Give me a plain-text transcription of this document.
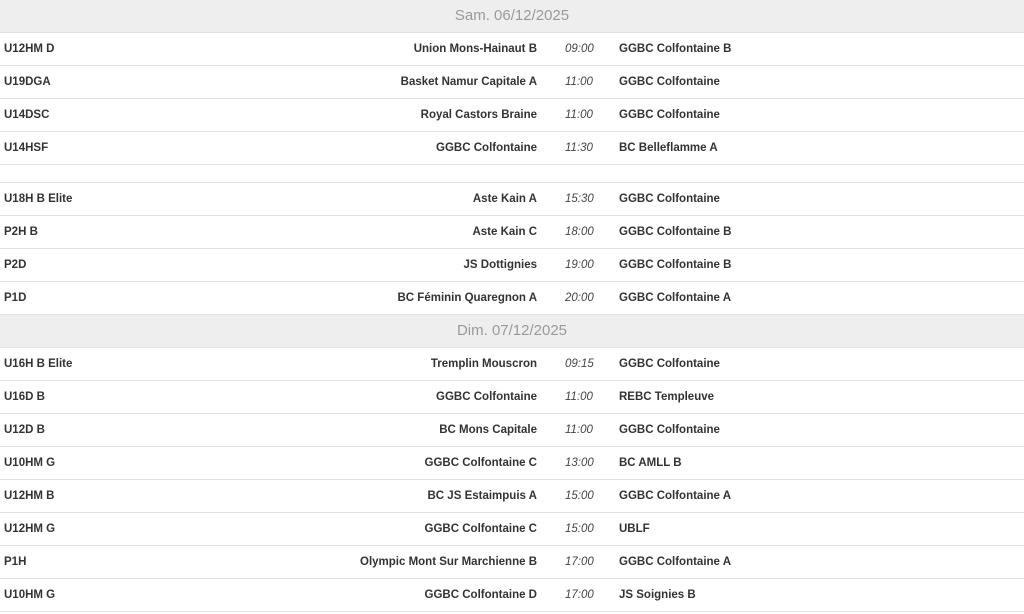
Sam. 06/12/2025
U12HM D	Union Mons-Hainaut B 09:00 GGBC Colfontaine B
U19DGA	Basket Namur Capitale A 11:00 GGBC Colfontaine
U14DSC	Royal Castors Braine 11:00 GGBC Colfontaine
U14HSF	GGBC Colfontaine 11:30 BC Belleflamme A
U18H B Elite	Aste Kain A 15:30 GGBC Colfontaine
P2H B	Aste Kain C 18:00 GGBC Colfontaine B
P2D	JS Dottignies 19:00 GGBC Colfontaine B
P1D	BC Féminin Quaregnon A 20:00 GGBC Colfontaine A
Dim. 07/12/2025
U16H B Elite	Tremplin Mouscron 09:15 GGBC Colfontaine
U16D B	GGBC Colfontaine 11:00 REBC Templeuve
U12D B	BC Mons Capitale 11:00 GGBC Colfontaine
U10HM G	GGBC Colfontaine C 13:00 BC AMLL B
U12HM B	BC JS Estaimpuis A 15:00 GGBC Colfontaine A
U12HM G	GGBC Colfontaine C 15:00 UBLF
P1H	Olympic Mont Sur Marchienne B 17:00 GGBC Colfontaine A
U10HM G	GGBC Colfontaine D 17:00 JS Soignies B
